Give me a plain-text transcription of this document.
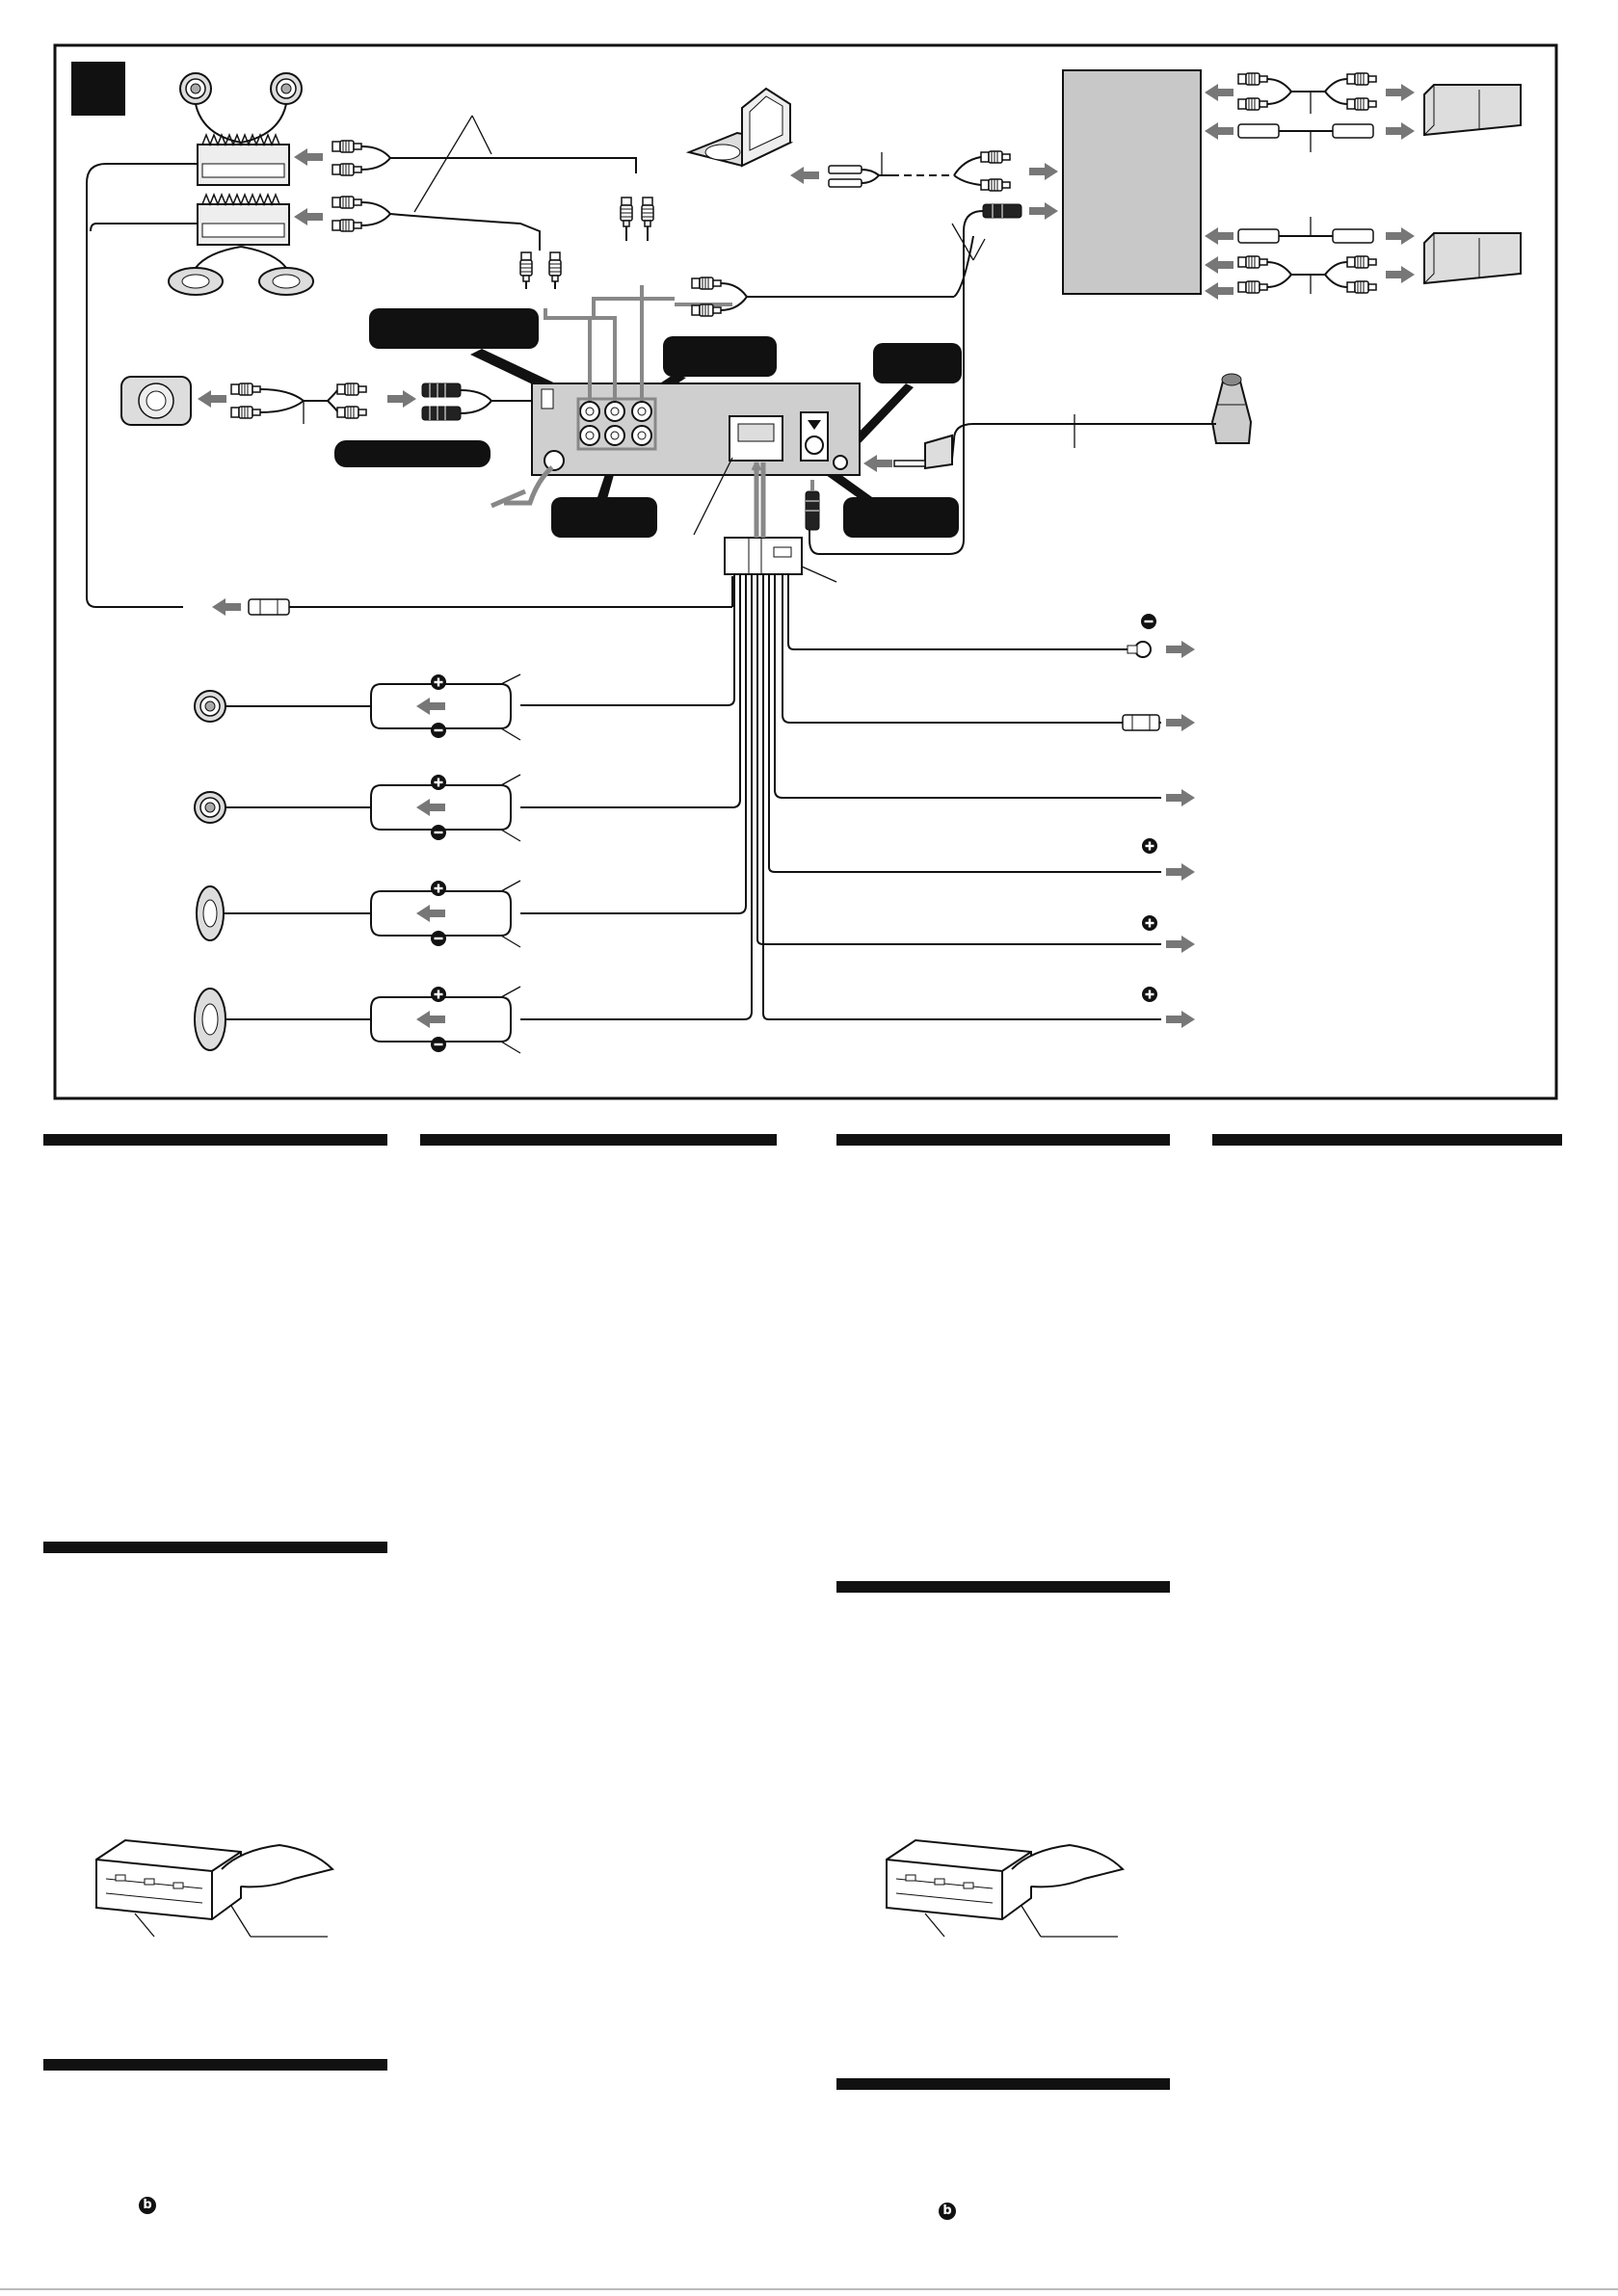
b	b
